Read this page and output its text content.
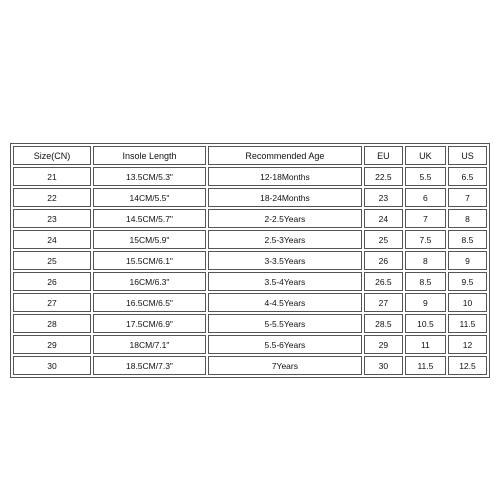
Size(CN)	Insole Length	Recommended Age	EU	UK	US
21	13.5CM/5.3"	12-18Months	22.5	5.5	6.5
22	14CM/5.5"	18-24Months	23	6	7
23	14.5CM/5.7"	2-2.5Years	24	7	8
24	15CM/5.9"	2.5-3Years	25	7.5	8.5
25	15.5CM/6.1"	3-3.5Years	26	8	9
26	16CM/6.3"	3.5-4Years	26.5	8.5	9.5
27	16.5CM/6.5"	4-4.5Years	27	9	10
28	17.5CM/6.9"	5-5.5Years	28.5	10.5	11.5
29	18CM/7.1"	5.5-6Years	29	11	12
30	18.5CM/7.3"	7Years	30	11.5	12.5
